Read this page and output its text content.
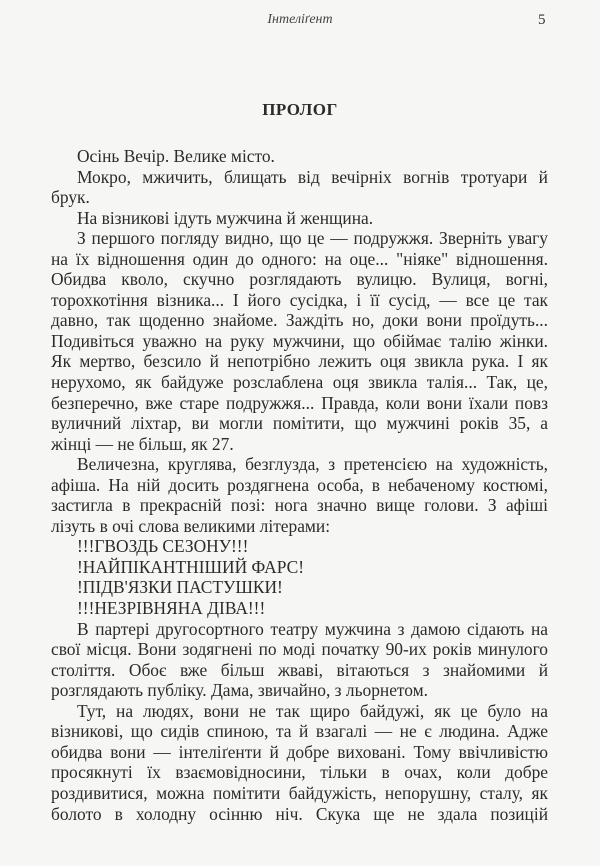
Інтеліґент	5
ПРОЛОГ
Осінь Вечір. Велике місто.
Мокро, мжичить, блищать від вечірніх вогнів тротуари й
брук.
На візникові ідуть мужчина й женщина.
З першого погляду видно, що це — подружжя. Зверніть увагу
на їх відношення один до одного: на оце... "ніяке" відношення.
Обидва кволо, скучно розглядають вулицю. Вулиця, вогні,
торохкотіння візника... І його сусідка, і її сусід, — все це так
давно, так щоденно знайоме. Заждіть но, доки вони проїдуть...
Подивіться уважно на руку мужчини, що обіймає талію жінки.
Як мертво, безсило й непотрібно лежить оця звикла рука. І як
нерухомо, як байдуже розслаблена оця звикла талія... Так, це,
безперечно, вже старе подружжя... Правда, коли вони їхали повз
вуличний ліхтар, ви могли помітити, що мужчині років 35, а
жінці — не більш, як 27.
Величезна, круглява, безглузда, з претенсією на художність,
афіша. На ній досить роздягнена особа, в небаченому костюмі,
застигла в прекрасній позі: нога значно вище голови. З афіші
лізуть в очі слова великими літерами:
!!!ГВОЗДЬ СЕЗОНУ!!!
!НАЙПІКАНТНІШИЙ ФАРС!
!ПІДВ'ЯЗКИ ПАСТУШКИ!
!!!НЕЗРІВНЯНА ДІВА!!!
В партері другосортного театру мужчина з дамою сідають на
свої місця. Вони зодягнені по моді початку 90-их років минулого
століття. Обоє вже більш жваві, вітаються з знайомими й
розглядають публіку. Дама, звичайно, з льорнетом.
Тут, на людях, вони не так щиро байдужі, як це було на
візникові, що сидів спиною, та й взагалі — не є людина. Адже
обидва вони — інтеліґенти й добре виховані. Тому ввічливістю
просякнуті їх взаємовідносини, тільки в очах, коли добре
роздивитися, можна помітити байдужість, непорушну, сталу, як
болото в холодну осінню ніч. Скука ще не здала позицій
